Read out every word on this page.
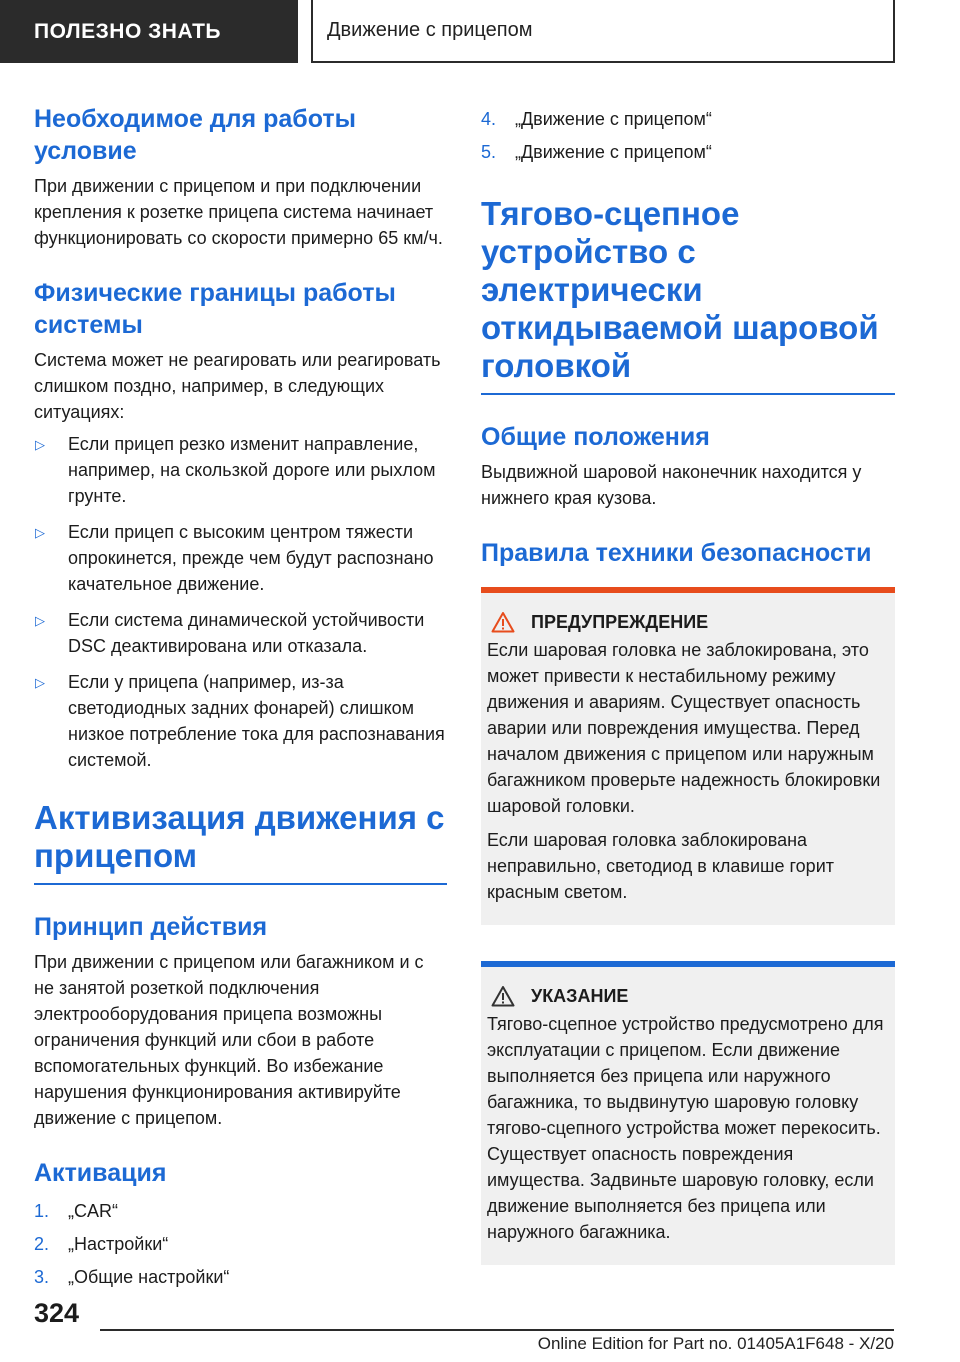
ПОЛЕЗНО ЗНАТЬ	Движение с прицепом
Необходимое для работы условие

При движении с прицепом и при подключении крепления к розетке прицепа система начинает функционировать со скорости примерно 65 км/ч.

Физические границы работы системы

Система может не реагировать или реагировать слишком поздно, например, в следующих ситуациях:

▷ Если прицеп резко изменит направление, например, на скользкой дороге или рыхлом грунте.
▷ Если прицеп с высоким центром тяжести опрокинется, прежде чем будут распознано качательное движение.
▷ Если система динамической устойчивости DSC деактивирована или отказала.
▷ Если у прицепа (например, из-за светодиодных задних фонарей) слишком низкое потребление тока для распознавания системой.
Активизация движения с прицепом
Принцип действия

При движении с прицепом или багажником и с не занятой розеткой подключения электрооборудования прицепа возможны ограничения функций или сбои в работе вспомогательных функций. Во избежание нарушения функционирования активируйте движение с прицепом.

Активация
1. „CAR“
2. „Настройки“
3. „Общие настройки“
4. „Движение с прицепом“
5. „Движение с прицепом“
Тягово-сцепное устройство с электрически откидываемой шаровой головкой
Общие положения

Выдвижной шаровой наконечник находится у нижнего края кузова.

Правила техники безопасности
ПРЕДУПРЕЖДЕНИЕ

Если шаровая головка не заблокирована, это может привести к нестабильному режиму движения и авариям. Существует опасность аварии или повреждения имущества. Перед началом движения с прицепом или наружным багажником проверьте надежность блокировки шаровой головки.

Если шаровая головка заблокирована неправильно, светодиод в клавише горит красным светом.

УКАЗАНИЕ

Тягово-сцепное устройство предусмотрено для эксплуатации с прицепом. Если движение выполняется без прицепа или наружного багажника, то выдвинутую шаровую головку тягово-сцепного устройства может перекосить. Существует опасность повреждения имущества. Задвиньте шаровую головку, если движение выполняется без прицепа или наружного багажника.

324
Online Edition for Part no. 01405A1F648 - X/20
